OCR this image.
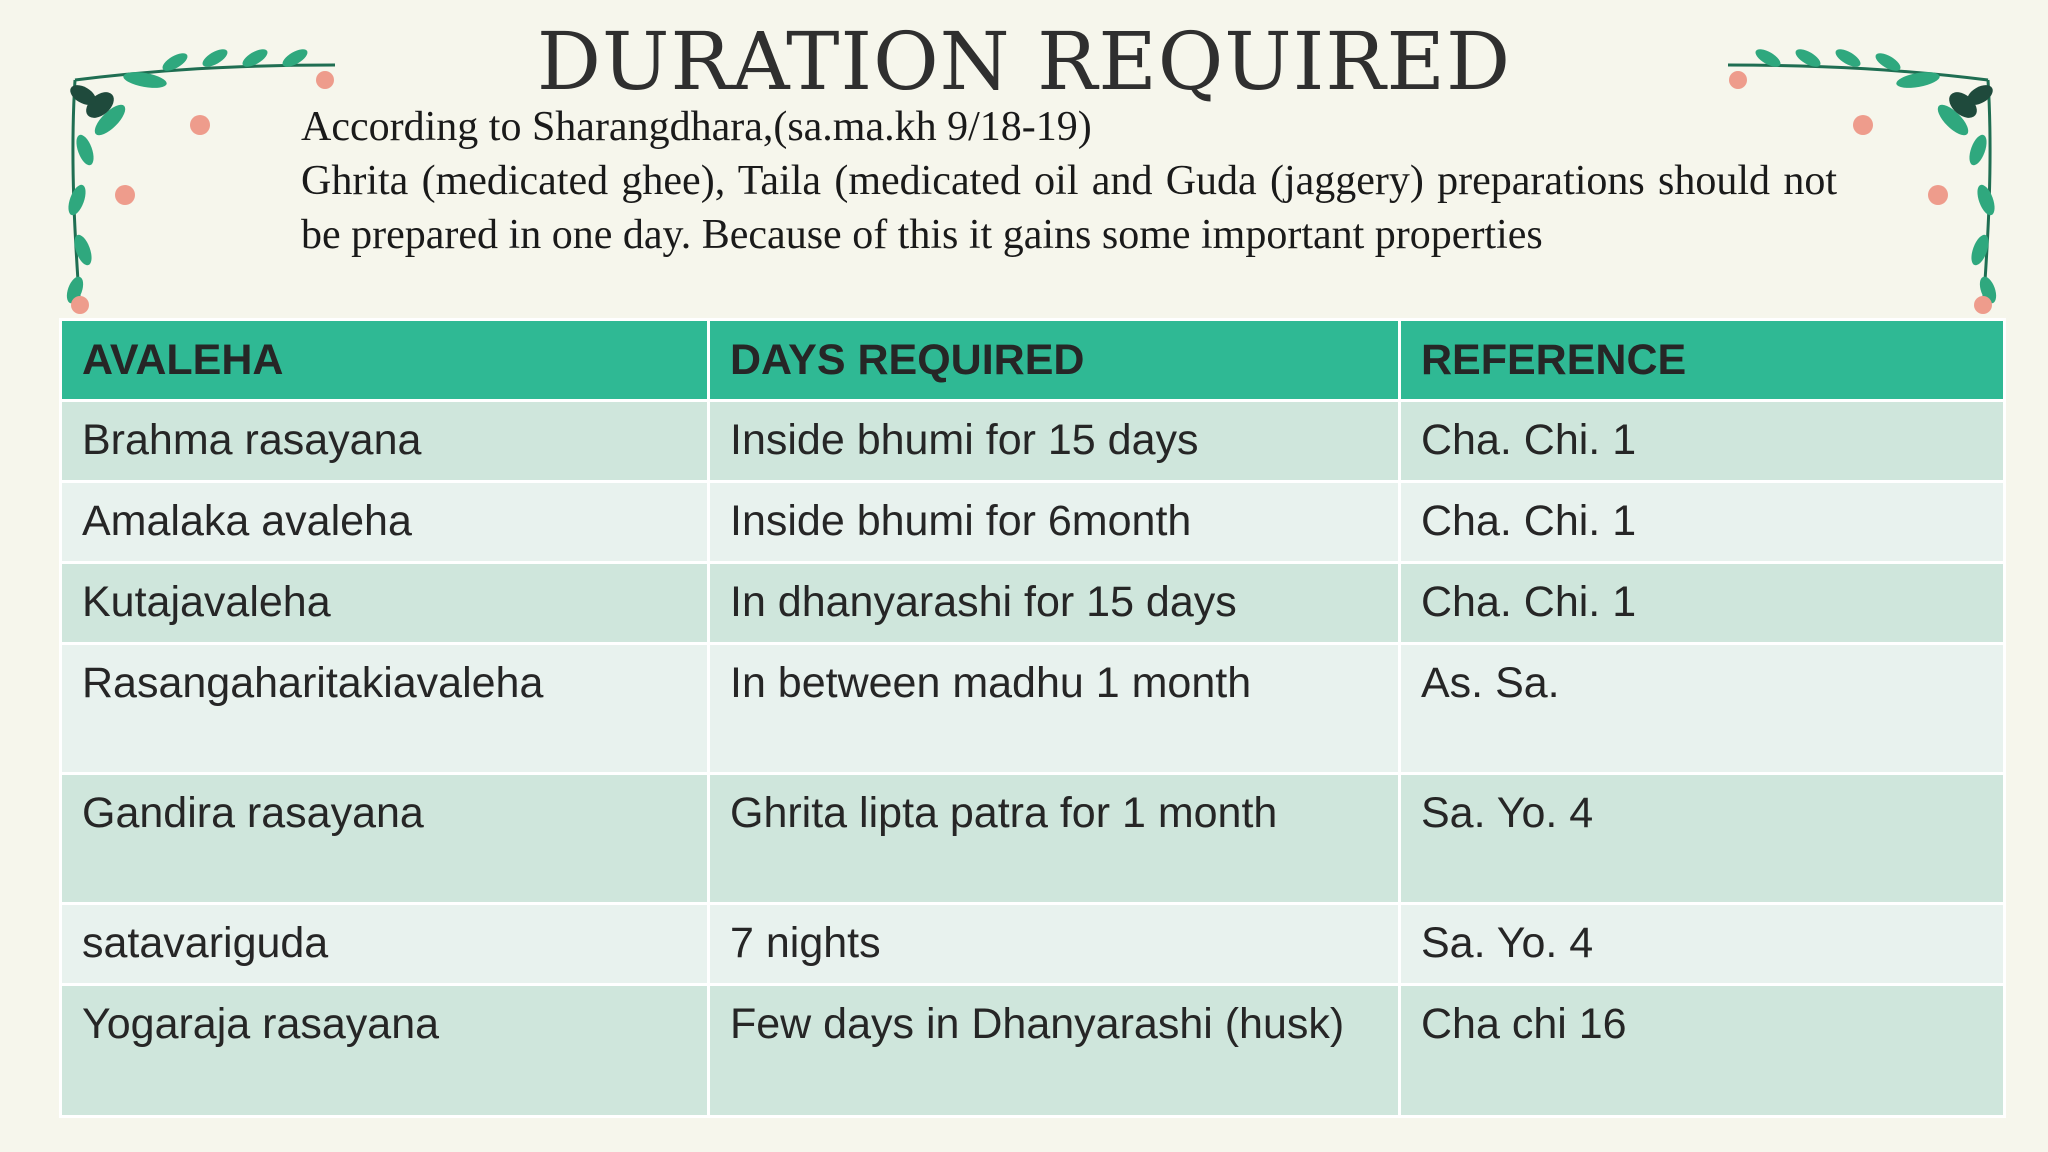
DURATION REQUIRED
According to Sharangdhara,(sa.ma.kh 9/18-19)
Ghrita (medicated ghee), Taila (medicated oil and Guda (jaggery) preparations should not be prepared in one day. Because of this it gains some important properties
AVALEHA	DAYS REQUIRED	REFERENCE
Brahma rasayana	Inside bhumi for 15 days	Cha. Chi. 1
Amalaka avaleha	Inside bhumi for 6month	Cha. Chi. 1
Kutajavaleha	In dhanyarashi for 15 days	Cha. Chi. 1
Rasangaharitakiavaleha	In between madhu 1 month	As. Sa.
Gandira rasayana	Ghrita lipta patra for 1 month	Sa. Yo. 4
satavariguda	7 nights	Sa. Yo. 4
Yogaraja rasayana	Few days in Dhanyarashi (husk)	Cha chi 16
